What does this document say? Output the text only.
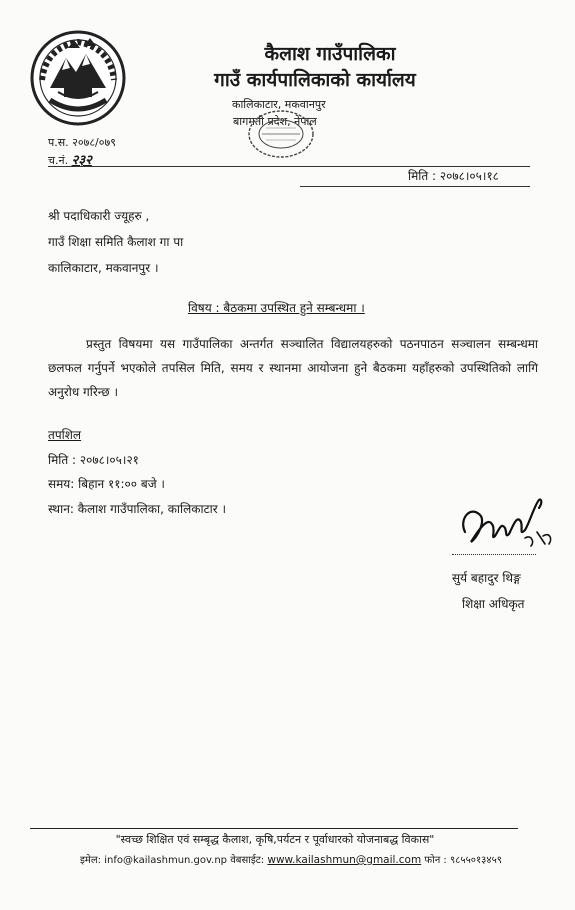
कैलाश गाउँपालिका
गाउँ कार्यपालिकाको कार्यालय
कालिकाटार, मकवानपुर
बागमती प्रदेश, नेपाल
प.स. २०७८/०७९
च.नं. २३२
मिति : २०७८।०५।१८
श्री पदाधिकारी ज्यूहरु ,
गाउँ शिक्षा समिति कैलाश गा पा
कालिकाटार, मकवानपुर ।
विषय : बैठकमा उपस्थित हुने सम्बन्धमा ।
प्रस्तुत विषयमा यस गाउँपालिका अन्तर्गत सञ्चालित विद्यालयहरुको पठनपाठन सञ्चालन सम्बन्धमा छलफल गर्नुपर्ने भएकोले तपसिल मिति, समय र स्थानमा आयोजना हुने बैठकमा यहाँहरुको उपस्थितिको लागि अनुरोध गरिन्छ ।
तपशिल
मिति : २०७८।०५।२१
समय: बिहान ११:०० बजे ।
स्थान: कैलाश गाउँपालिका, कालिकाटार ।
सुर्य बहादुर थिङ्ग
शिक्षा अधिकृत
"स्वच्छ शिक्षित एवं सम्बृद्ध कैलाश, कृषि,पर्यटन र पूर्वाधारको योजनाबद्ध विकास"
इमेल: info@kailashmun.gov.np वेबसाईट: www.kailashmun@gmail.com फोन : ९८५५०१३४५९
